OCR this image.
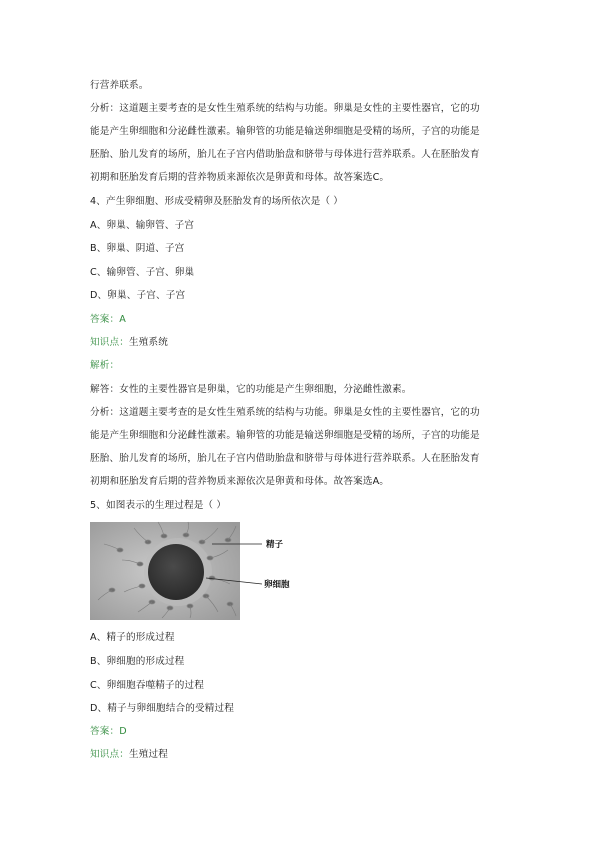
行营养联系。
分析：这道题主要考查的是女性生殖系统的结构与功能。卵巢是女性的主要性器官，它的功
能是产生卵细胞和分泌雌性激素。输卵管的功能是输送卵细胞是受精的场所，子宫的功能是
胚胎、胎儿发育的场所，胎儿在子宫内借助胎盘和脐带与母体进行营养联系。人在胚胎发育
初期和胚胎发育后期的营养物质来源依次是卵黄和母体。故答案选C。
4、产生卵细胞、形成受精卵及胚胎发育的场所依次是（ ）
A、卵巢、输卵管、子宫
B、卵巢、阴道、子宫
C、输卵管、子宫、卵巢
D、卵巢、子宫、子宫
答案：A
知识点：生殖系统
解析：
解答：女性的主要性器官是卵巢，它的功能是产生卵细胞，分泌雌性激素。
分析：这道题主要考查的是女性生殖系统的结构与功能。卵巢是女性的主要性器官，它的功
能是产生卵细胞和分泌雌性激素。输卵管的功能是输送卵细胞是受精的场所，子宫的功能是
胚胎、胎儿发育的场所，胎儿在子宫内借助胎盘和脐带与母体进行营养联系。人在胚胎发育
初期和胚胎发育后期的营养物质来源依次是卵黄和母体。故答案选A。
5、如图表示的生理过程是（ ）
精子
卵细胞
A、精子的形成过程
B、卵细胞的形成过程
C、卵细胞吞噬精子的过程
D、精子与卵细胞结合的受精过程
答案：D
知识点：生殖过程
